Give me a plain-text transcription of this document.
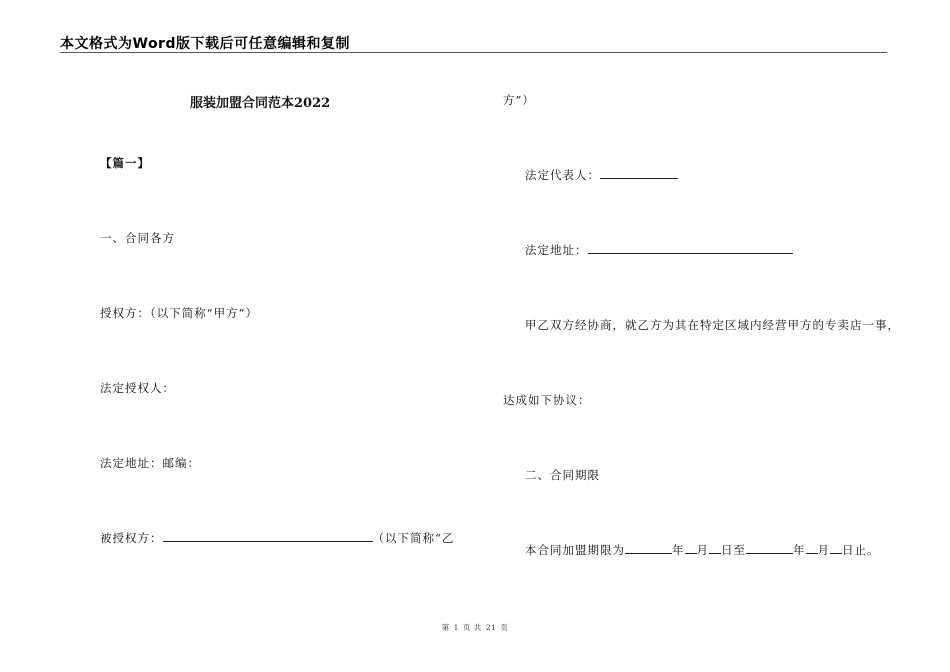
本文格式为Word版下载后可任意编辑和复制
服装加盟合同范本2022
【篇一】
一、合同各方
授权方：（以下简称“甲方”）
法定授权人：
法定地址：邮编：
被授权方：	（以下简称“乙
方”）
法定代表人：
法定地址：
甲乙双方经协商，就乙方为其在特定区域内经营甲方的专卖店一事，
达成如下协议：
二、合同期限
本合同加盟期限为	年 月 日至	年 月 日止。
第 1 页 共 21 页
